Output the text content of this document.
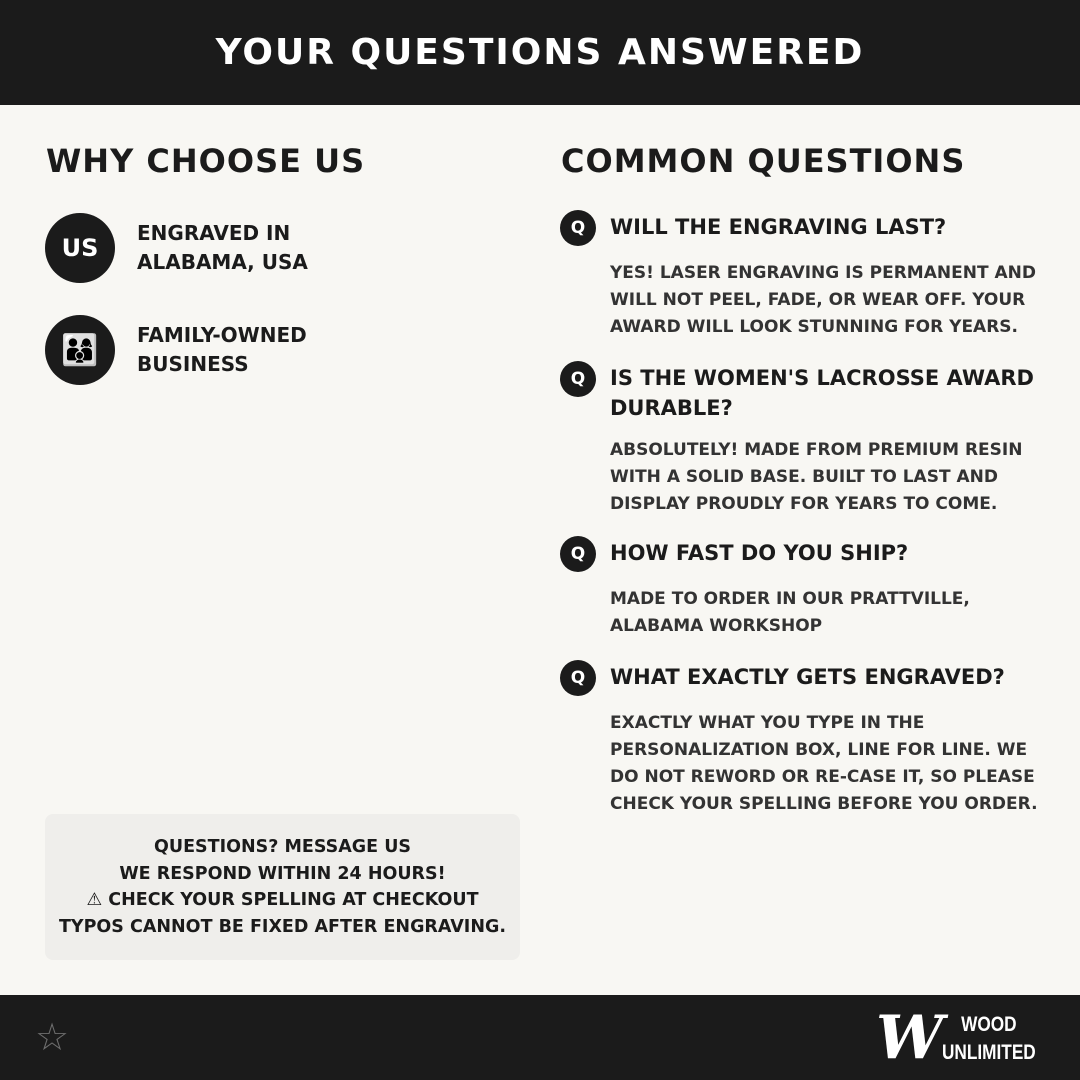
YOUR QUESTIONS ANSWERED
WHY CHOOSE US
US
ENGRAVED IN
ALABAMA, USA
👨‍👩‍👦	FAMILY-OWNED
BUSINESS
COMMON QUESTIONS
Q	WILL THE ENGRAVING LAST?
YES! LASER ENGRAVING IS PERMANENT AND WILL NOT PEEL, FADE, OR WEAR OFF. YOUR AWARD WILL LOOK STUNNING FOR YEARS.
Q	IS THE WOMEN'S LACROSSE AWARD DURABLE?
ABSOLUTELY! MADE FROM PREMIUM RESIN WITH A SOLID BASE. BUILT TO LAST AND DISPLAY PROUDLY FOR YEARS TO COME.
Q	HOW FAST DO YOU SHIP?
MADE TO ORDER IN OUR PRATTVILLE, ALABAMA WORKSHOP
Q	WHAT EXACTLY GETS ENGRAVED?
EXACTLY WHAT YOU TYPE IN THE PERSONALIZATION BOX, LINE FOR LINE. WE DO NOT REWORD OR RE-CASE IT, SO PLEASE CHECK YOUR SPELLING BEFORE YOU ORDER.
QUESTIONS? MESSAGE US
WE RESPOND WITHIN 24 HOURS!
⚠ CHECK YOUR SPELLING AT CHECKOUT
TYPOS CANNOT BE FIXED AFTER ENGRAVING.
☆	W WOOD
UNLIMITED
